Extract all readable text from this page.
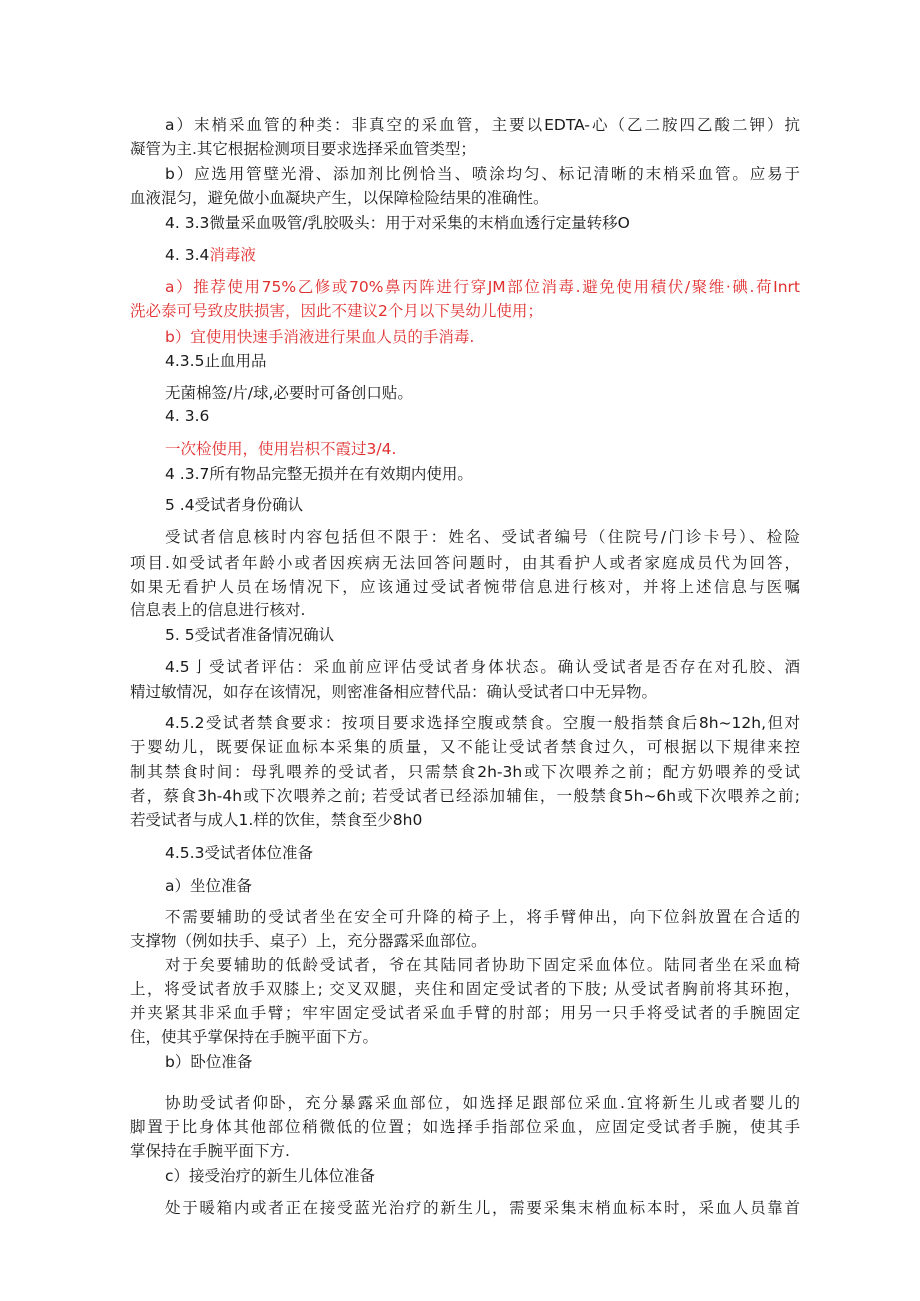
a）末梢采血管的种类：非真空的采血管，主要以EDTA-心（乙二胺四乙酸二钾）抗
凝管为主.其它根据检测项目要求选择采血管类型；
b）应选用管壁光滑、添加剂比例恰当、喷涂均匀、标记清晰的末梢采血管。应易于
血液混匀，避免做小血凝块产生，以保障检险结果的准确性。
4. 3.3微量采血吸管/乳胶吸头：用于对采集的末梢血透行定量转移O
4. 3.4消毒液
a）推荐使用75%乙修或70%鼻丙阵进行穿JM部位消毒.避免使用積伏/聚维·碘.荷Inrt
洗必泰可号致皮肤损害，因此不建议2个月以下昊幼儿使用；
b）宜使用快速手消液进行果血人员的手消毒.
4.3.5止血用品
无菌棉签/片/球,必要时可备创口贴。
4. 3.6
一次检使用，使用岩枳不霞过3/4.
4 .3.7所有物品完整无损并在有效期内使用。
5 .4受试者身份确认
受试者信息核时内容包括但不限于：姓名、受试者编号（住院号/门诊卡号）、检险
项目.如受试者年龄小或者因疾病无法回答问题时，由其看护人或者家庭成员代为回答，
如果无看护人员在场情况下，应该通过受试者惋带信息进行核对，并将上述信息与医嘱
信息表上的信息进行核对.
5. 5受试者准备情况确认
4.5亅受试者评估：采血前应评估受试者身体状态。确认受试者是否存在对孔胶、酒
精过敏情况，如存在该情况，则密准备相应替代品：确认受试者口中无异物。
4.5.2受试者禁食要求：按项目要求选择空腹或禁食。空腹一般指禁食后8h~12h,但对
于婴幼儿，既要保证血标本采集的质量，又不能让受试者禁食过久，可根据以下規律来控
制其禁食时间：母乳喂养的受试者，只需禁食2h-3h或下次喂养之前；配方奶喂养的受试
者，蔡食3h-4h或下次喂养之前; 若受试者已经添加辅隹，一般禁食5h~6h或下次喂养之前;
若受试者与成人1.样的饮隹，禁食至少8h0
4.5.3受试者体位准备
a）坐位准备
不需要辅助的受试者坐在安全可升降的椅子上，将手臂伸出，向下位斜放置在合适的
支撑物（例如扶手、桌子）上，充分器露采血部位。
对于矣要辅助的低龄受试者，爷在其陆同者协助下固定采血体位。陆同者坐在采血椅
上，将受试者放手双膝上; 交叉双腿，夹住和固定受试者的下肢; 从受试者胸前将其环抱，
并夹紧其非采血手臂；牢牢固定受试者采血手臂的肘部；用另一只手将受试者的手腕固定
住，使其乎掌保持在手腕平面下方。
b）卧位准备
协助受试者仰卧，充分暴露采血部位，如选择足跟部位采血.宜将新生儿或者婴儿的
脚置于比身体其他部位稍微低的位置；如选择手指部位采血，应固定受试者手腕，使其手
掌保持在手腕平面下方.
c）接受治疗的新生儿体位准备
处于暖箱内或者正在接受蓝光治疗的新生儿，需要采集末梢血标本时，采血人员靠首
